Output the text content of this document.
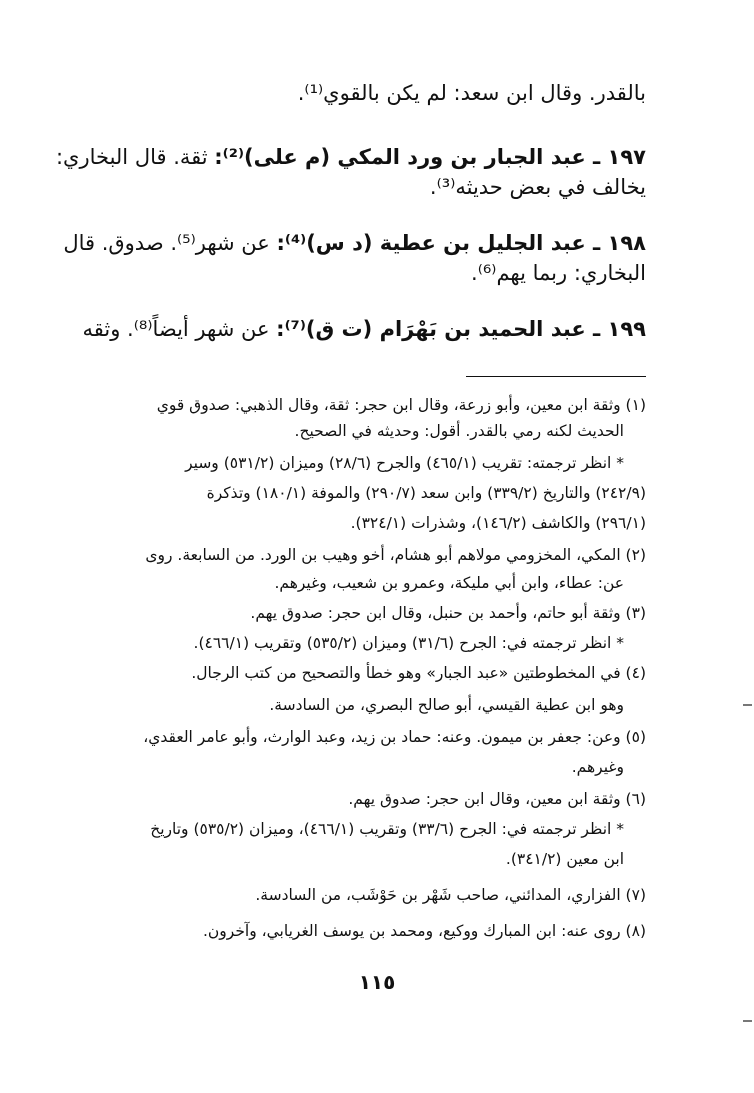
بالقدر. وقال ابن سعد: لم يكن بالقوي⁽¹⁾.
١٩٧ ـ عبد الجبار بن ورد المكي (م على)⁽²⁾: ثقة. قال البخاري:
يخالف في بعض حديثه⁽³⁾.
١٩٨ ـ عبد الجليل بن عطية (د س)⁽⁴⁾: عن شهر⁽⁵⁾. صدوق. قال
البخاري: ربما يهم⁽⁶⁾.
١٩٩ ـ عبد الحميد بن بَهْرَام (ت ق)⁽⁷⁾: عن شهر أيضاً⁽⁸⁾. وثقه
(١) وثقة ابن معين، وأبو زرعة، وقال ابن حجر: ثقة، وقال الذهبي: صدوق قوي
الحديث لكنه رمي بالقدر. أقول: وحديثه في الصحيح.
* انظر ترجمته: تقريب (٤٦٥/١) والجرح (٢٨/٦) وميزان (٥٣١/٢) وسير
(٢٤٢/٩) والتاريخ (٣٣٩/٢) وابن سعد (٢٩٠/٧) والموفة (١٨٠/١) وتذكرة
(٢٩٦/١) والكاشف (١٤٦/٢)، وشذرات (٣٢٤/١).
(٢) المكي، المخزومي مولاهم أبو هشام، أخو وهيب بن الورد. من السابعة. روى
عن: عطاء، وابن أبي مليكة، وعمرو بن شعيب، وغيرهم.
(٣) وثقة أبو حاتم، وأحمد بن حنبل، وقال ابن حجر: صدوق يهم.
* انظر ترجمته في: الجرح (٣١/٦) وميزان (٥٣٥/٢) وتقريب (٤٦٦/١).
(٤) في المخطوطتين «عبد الجبار» وهو خطأ والتصحيح من كتب الرجال.
وهو ابن عطية القيسي، أبو صالح البصري، من السادسة.
(٥) وعن: جعفر بن ميمون. وعنه: حماد بن زيد، وعبد الوارث، وأبو عامر العقدي،
وغيرهم.
(٦) وثقة ابن معين، وقال ابن حجر: صدوق يهم.
* انظر ترجمته في: الجرح (٣٣/٦) وتقريب (٤٦٦/١)، وميزان (٥٣٥/٢) وتاريخ
ابن معين (٣٤١/٢).
(٧) الفزاري، المدائني، صاحب شَهْر بن حَوْشَب، من السادسة.
(٨) روى عنه: ابن المبارك ووكيع، ومحمد بن يوسف الغريابي، وآخرون.
١١٥
